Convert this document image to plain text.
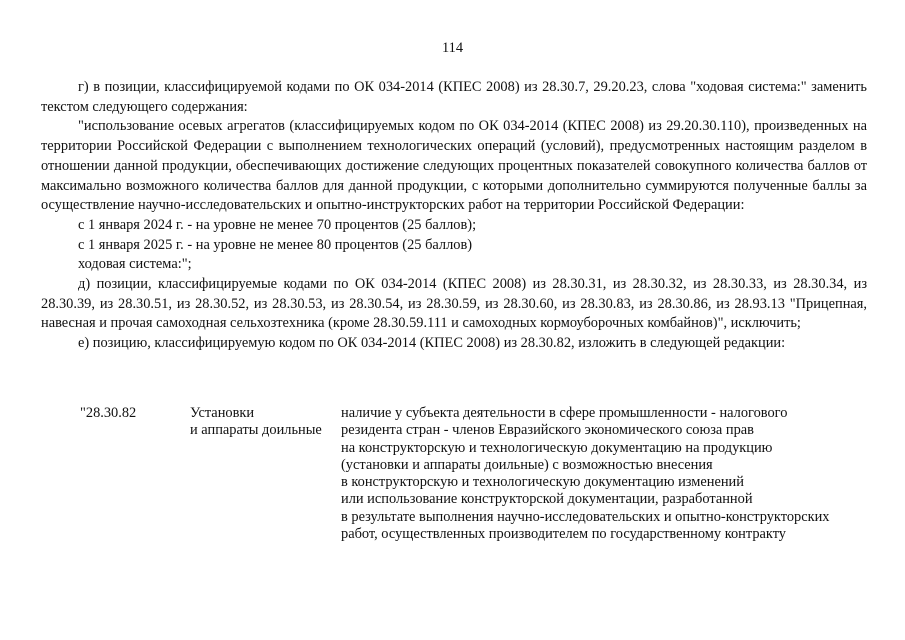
114

г) в позиции, классифицируемой кодами по ОК 034-2014 (КПЕС 2008) из 28.30.7, 29.20.23, слова "ходовая система:" заменить текстом следующего содержания:

"использование осевых агрегатов (классифицируемых кодом по ОК 034-2014 (КПЕС 2008) из 29.20.30.110), произведенных на территории Российской Федерации с выполнением технологических операций (условий), предусмотренных настоящим разделом в отношении данной продукции, обеспечивающих достижение следующих процентных показателей совокупного количества баллов от максимально возможного количества баллов для данной продукции, с которыми дополнительно суммируются полученные баллы за осуществление научно-исследовательских и опытно-инструкторских работ на территории Российской Федерации:

с 1 января 2024 г. - на уровне не менее 70 процентов (25 баллов);

с 1 января 2025 г. - на уровне не менее 80 процентов (25 баллов)

ходовая система:";

д) позиции, классифицируемые кодами по ОК 034-2014 (КПЕС 2008) из 28.30.31, из 28.30.32, из 28.30.33, из 28.30.34, из 28.30.39, из 28.30.51, из 28.30.52, из 28.30.53, из 28.30.54, из 28.30.59, из 28.30.60, из 28.30.83, из 28.30.86, из 28.93.13 "Прицепная, навесная и прочая самоходная сельхозтехника (кроме 28.30.59.111 и самоходных кормоуборочных комбайнов)", исключить;

е) позицию, классифицируемую кодом по ОК 034-2014 (КПЕС 2008) из 28.30.82, изложить в следующей редакции:

"28.30.82	Установки
и аппараты доильные
наличие у субъекта деятельности в сфере промышленности - налогового
резидента стран - членов Евразийского экономического союза прав
на конструкторскую и технологическую документацию на продукцию
(установки и аппараты доильные) с возможностью внесения
в конструкторскую и технологическую документацию изменений
или использование конструкторской документации, разработанной
в результате выполнения научно-исследовательских и опытно-конструкторских
работ, осуществленных производителем по государственному контракту
